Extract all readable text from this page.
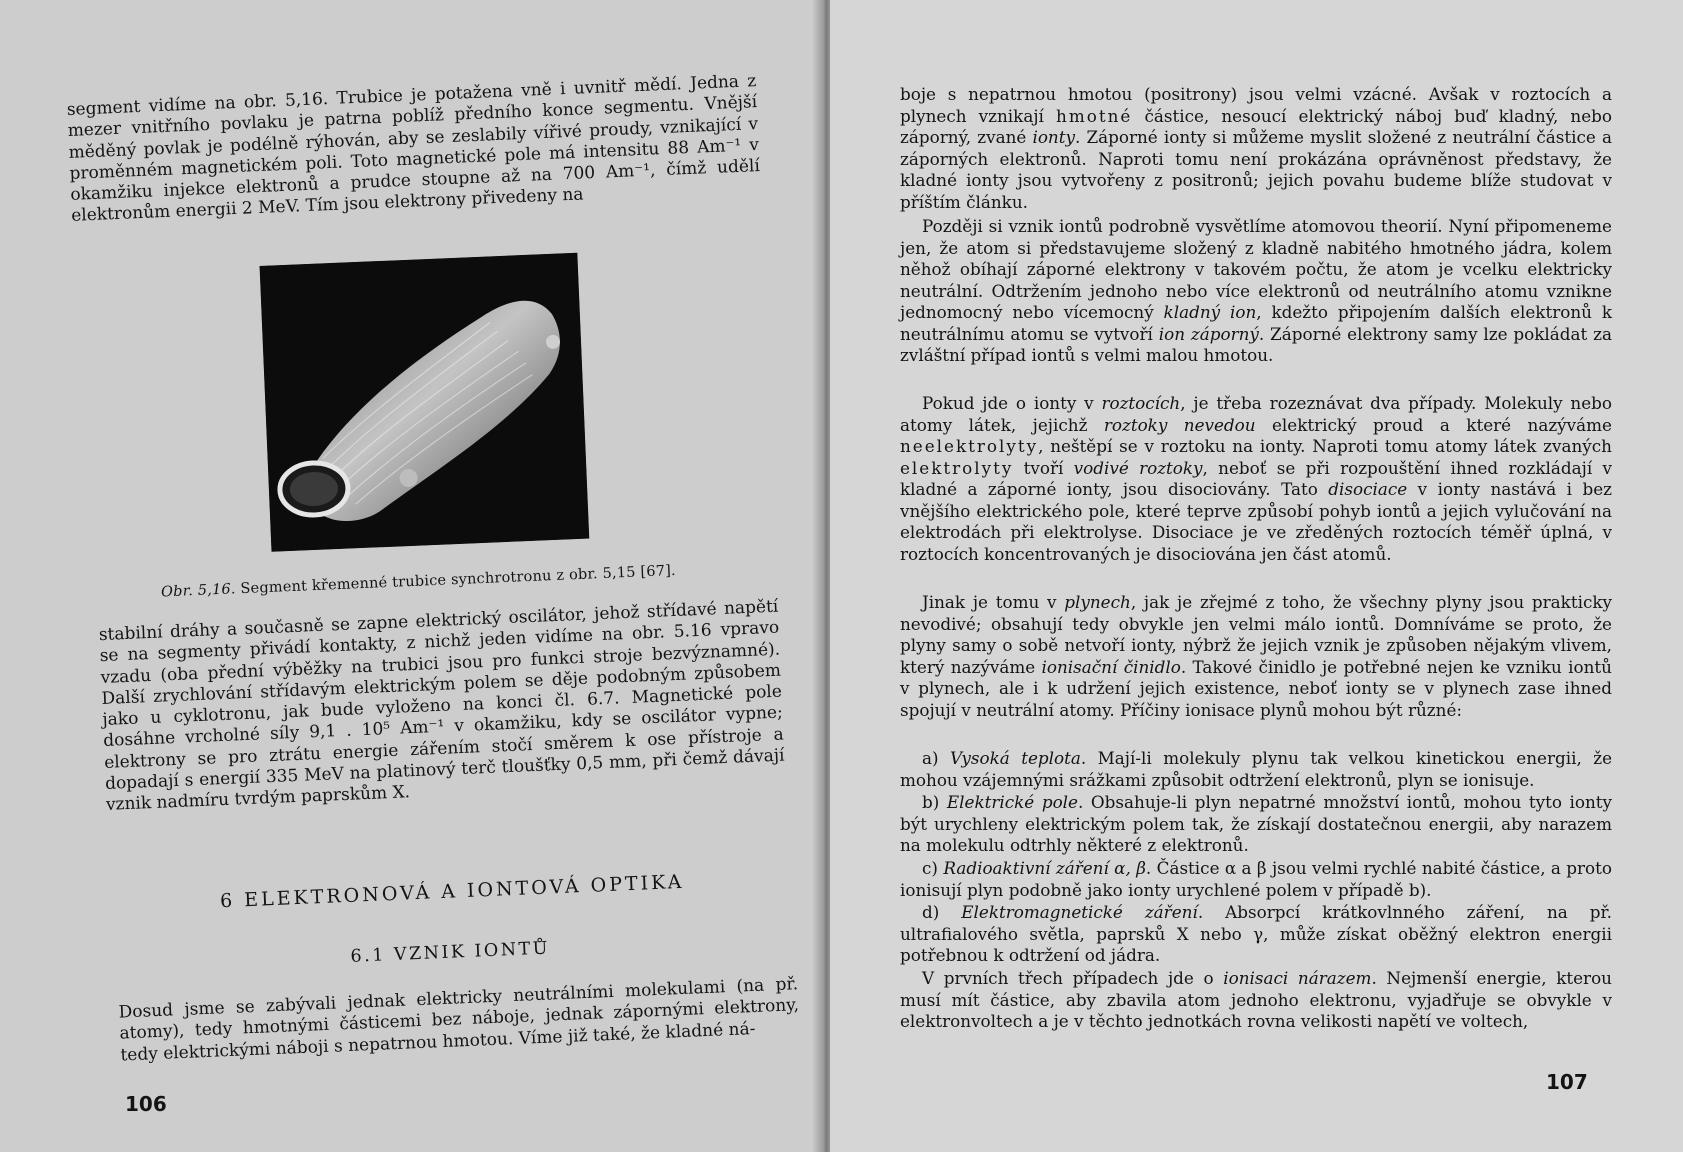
segment vidíme na obr. 5,16. Trubice je potažena vně i uvnitř mědí. Jedna z mezer vnitřního povlaku je patrna poblíž předního konce segmentu. Vnější měděný povlak je podélně rýhován, aby se zeslabily vířivé proudy, vznikající v proměnném magnetickém poli. Toto magnetické pole má intensitu 88 Am⁻¹ v okamžiku injekce elektronů a prudce stoupne až na 700 Am⁻¹, čímž udělí elektronům energii 2 MeV. Tím jsou elektrony přivedeny na

Obr. 5,16. Segment křemenné trubice synchrotronu z obr. 5,15 [67].

stabilní dráhy a současně se zapne elektrický oscilátor, jehož střídavé napětí se na segmenty přivádí kontakty, z nichž jeden vidíme na obr. 5.16 vpravo vzadu (oba přední výběžky na trubici jsou pro funkci stroje bezvýznamné). Další zrychlování střídavým elektrickým polem se děje podobným způsobem jako u cyklotronu, jak bude vyloženo na konci čl. 6.7. Magnetické pole dosáhne vrcholné síly 9,1 . 10⁵ Am⁻¹ v okamžiku, kdy se oscilátor vypne; elektrony se pro ztrátu energie zářením stočí směrem k ose přístroje a dopadají s energií 335 MeV na platinový terč tloušťky 0,5 mm, při čemž dávají vznik nadmíru tvrdým paprskům X.

6 ELEKTRONOVÁ A IONTOVÁ OPTIKA
6.1 VZNIK IONTŮ

Dosud jsme se zabývali jednak elektricky neutrálními molekulami (na př. atomy), tedy hmotnými částicemi bez náboje, jednak zápornými elektrony, tedy elektrickými náboji s nepatrnou hmotou. Víme již také, že kladné ná-

106

boje s nepatrnou hmotou (positrony) jsou velmi vzácné. Avšak v roztocích a plynech vznikají hmotné částice, nesoucí elektrický náboj buď kladný, nebo záporný, zvané ionty. Záporné ionty si můžeme myslit složené z neutrální částice a záporných elektronů. Naproti tomu není prokázána oprávněnost představy, že kladné ionty jsou vytvořeny z positronů; jejich povahu budeme blíže studovat v příštím článku.

Později si vznik iontů podrobně vysvětlíme atomovou theorií. Nyní připomeneme jen, že atom si představujeme složený z kladně nabitého hmotného jádra, kolem něhož obíhají záporné elektrony v takovém počtu, že atom je vcelku elektricky neutrální. Odtržením jednoho nebo více elektronů od neutrálního atomu vznikne jednomocný nebo vícemocný kladný ion, kdežto připojením dalších elektronů k neutrálnímu atomu se vytvoří ion záporný. Záporné elektrony samy lze pokládat za zvláštní případ iontů s velmi malou hmotou.

Pokud jde o ionty v roztocích, je třeba rozeznávat dva případy. Molekuly nebo atomy látek, jejichž roztoky nevedou elektrický proud a které nazýváme neelektrolyty, neštěpí se v roztoku na ionty. Naproti tomu atomy látek zvaných elektrolyty tvoří vodivé roztoky, neboť se při rozpouštění ihned rozkládají v kladné a záporné ionty, jsou disociovány. Tato disociace v ionty nastává i bez vnějšího elektrického pole, které teprve způsobí pohyb iontů a jejich vylučování na elektrodách při elektrolyse. Disociace je ve zředěných roztocích téměř úplná, v roztocích koncentrovaných je disociována jen část atomů.

Jinak je tomu v plynech, jak je zřejmé z toho, že všechny plyny jsou prakticky nevodivé; obsahují tedy obvykle jen velmi málo iontů. Domníváme se proto, že plyny samy o sobě netvoří ionty, nýbrž že jejich vznik je způsoben nějakým vlivem, který nazýváme ionisační činidlo. Takové činidlo je potřebné nejen ke vzniku iontů v plynech, ale i k udržení jejich existence, neboť ionty se v plynech zase ihned spojují v neutrální atomy. Příčiny ionisace plynů mohou být různé:

a) Vysoká teplota. Mají-li molekuly plynu tak velkou kinetickou energii, že mohou vzájemnými srážkami způsobit odtržení elektronů, plyn se ionisuje.

b) Elektrické pole. Obsahuje-li plyn nepatrné množství iontů, mohou tyto ionty být urychleny elektrickým polem tak, že získají dostatečnou energii, aby narazem na molekulu odtrhly některé z elektronů.

c) Radioaktivní záření α, β. Částice α a β jsou velmi rychlé nabité částice, a proto ionisují plyn podobně jako ionty urychlené polem v případě b).

d) Elektromagnetické záření. Absorpcí krátkovlnného záření, na př. ultrafialového světla, paprsků X nebo γ, může získat oběžný elektron energii potřebnou k odtržení od jádra.

V prvních třech případech jde o ionisaci nárazem. Nejmenší energie, kterou musí mít částice, aby zbavila atom jednoho elektronu, vyjadřuje se obvykle v elektronvoltech a je v těchto jednotkách rovna velikosti napětí ve voltech,

107
